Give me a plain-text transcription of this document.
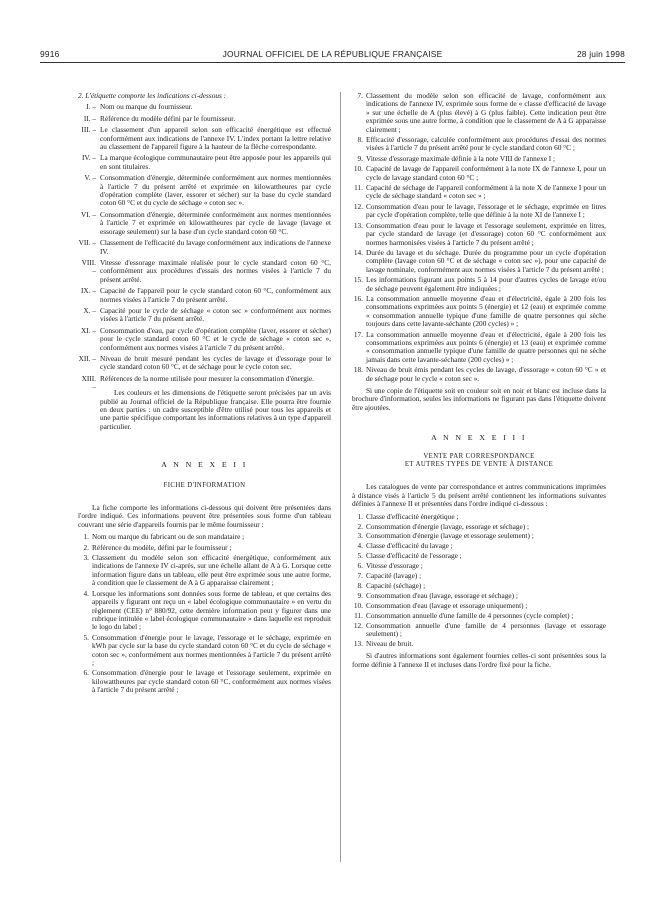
9916	JOURNAL OFFICIEL DE LA RÉPUBLIQUE FRANÇAISE	28 juin 1998

2. L'étiquette comporte les indications ci-dessous :

I. – Nom ou marque du fournisseur.
II. – Référence du modèle défini par le fournisseur.
III. – Le classement d'un appareil selon son efficacité énergétique est effectué conformément aux indications de l'annexe IV. L'index portant la lettre relative au classement de l'appareil figure à la hauteur de la flèche correspondante.
IV. – La marque écologique communautaire peut être apposée pour les appareils qui en sont titulaires.
V. – Consommation d'énergie, déterminée conformément aux normes mentionnées à l'article 7 du présent arrêté et exprimée en kilowattheures par cycle d'opération complète (laver, essorer et sécher) sur la base du cycle standard coton 60 °C et du cycle de séchage « coton sec ».
VI. – Consommation d'énergie, déterminée conformément aux normes mentionnées à l'article 7 et exprimée en kilowattheures par cycle de lavage (lavage et essorage seulement) sur la base d'un cycle standard coton 60 °C.
VII. – Classement de l'efficacité du lavage conformément aux indications de l'annexe IV.
VIII. –
Vitesse d'essorage maximale réalisée pour le cycle standard coton 60 °C, conformément aux procédures d'essais des normes visées à l'article 7 du présent arrêté.
IX. – Capacité de l'appareil pour le cycle standard coton 60 °C, conformément aux normes visées à l'article 7 du présent arrêté.
X. – Capacité pour le cycle de séchage « coton sec » conformément aux normes visées à l'article 7 du présent arrêté.
XI. – Consommation d'eau, par cycle d'opération complète (laver, essorer et sécher) pour le cycle standard coton 60 °C et le cycle de séchage « coton sec », conformément aux normes visées à l'article 7 du présent arrêté.
XII. – Niveau de bruit mesuré pendant les cycles de lavage et d'essorage pour le cycle standard coton 60 °C, et de séchage pour le cycle coton sec.
XIII. –
Références de la norme utilisée pour mesurer la consommation d'énergie.

Les couleurs et les dimensions de l'étiquette seront précisées par un avis publié au Journal officiel de la République française. Elle pourra être fournie en deux parties : un cadre susceptible d'être utilisé pour tous les appareils et une partie spécifique comportant les informations relatives à un type d'appareil particulier.

A N N E X E I I

FICHE D'INFORMATION

La fiche comporte les informations ci-dessous qui doivent être présentées dans l'ordre indiqué. Ces informations peuvent être présentées sous forme d'un tableau couvrant une série d'appareils fournis par le même fournisseur :

1. Nom ou marque du fabricant ou de son mandataire ;
2. Référence du modèle, défini par le fournisseur ;
3. Classement du modèle selon son efficacité énergétique, conformément aux indications de l'annexe IV ci-après, sur une échelle allant de A à G. Lorsque cette information figure dans un tableau, elle peut être exprimée sous une autre forme, à condition que le classement de A à G apparaisse clairement ;
4. Lorsque les informations sont données sous forme de tableau, et que certains des appareils y figurant ont reçu un « label écologique communautaire » en vertu du règlement (CEE) n° 880/92, cette dernière information peut y figurer dans une rubrique intitulée « label écologique communautaire » dans laquelle est reproduit le logo du label ;
5. Consommation d'énergie pour le lavage, l'essorage et le séchage, exprimée en kWh par cycle sur la base du cycle standard coton 60 °C et du cycle de séchage « coton sec », conformément aux normes mentionnées à l'article 7 du présent arrêté ;
6. Consommation d'énergie pour le lavage et l'essorage seulement, exprimée en kilowattheures par cycle standard coton 60 °C, conformément aux normes visées à l'article 7 du présent arrêté ;
7. Classement du modèle selon son efficacité de lavage, conformément aux indications de l'annexe IV, exprimée sous forme de « classe d'efficacité de lavage » sur une échelle de A (plus élevé) à G (plus faible). Cette indication peut être exprimée sous une autre forme, à condition que le classement de A à G apparaisse clairement ;
8. Efficacité d'essorage, calculée conformément aux procédures d'essai des normes visées à l'article 7 du présent arrêté pour le cycle standard coton 60 °C ;
9. Vitesse d'essorage maximale définie à la note VIII de l'annexe I ;
10. Capacité de lavage de l'appareil conformément à la note IX de l'annexe I, pour un cycle de lavage standard coton 60 °C ;
11. Capacité de séchage de l'appareil conformément à la note X de l'annexe I pour un cycle de séchage standard « coton sec » ;
12. Consommation d'eau pour le lavage, l'essorage et le séchage, exprimée en litres par cycle d'opération complète, telle que définie à la note XI de l'annexe I ;
13. Consommation d'eau pour le lavage et l'essorage seulement, exprimée en litres, par cycle standard de lavage (et d'essorage) coton 60 °C conformément aux normes harmonisées visées à l'article 7 du présent arrêté ;
14. Durée du lavage et du séchage. Durée du programme pour un cycle d'opération complète (lavage coton 60 °C et de séchage « coton sec »), pour une capacité de lavage nominale, conformément aux normes visées à l'article 7 du présent arrêté ;
15. Les informations figurant aux points 5 à 14 pour d'autres cycles de lavage et/ou de séchage peuvent également être indiquées ;
16. La consommation annuelle moyenne d'eau et d'électricité, égale à 200 fois les consommations exprimées aux points 5 (énergie) et 12 (eau) et exprimée comme « consommation annuelle typique d'une famille de quatre personnes qui sèche toujours dans cette lavante-séchante (200 cycles) » ;
17. La consommation annuelle moyenne d'eau et d'électricité, égale à 200 fois les consommations exprimées aux points 6 (énergie) et 13 (eau) et exprimée comme « consommation annuelle typique d'une famille de quatre personnes qui ne sèche jamais dans cette lavante-séchante (200 cycles) » ;
18. Niveau de bruit émis pendant les cycles de lavage, d'essorage « coton 60 °C » et de séchage pour le cycle « coton sec ».

Si une copie de l'étiquette soit en couleur soit en noir et blanc est incluse dans la brochure d'information, seules les informations ne figurant pas dans l'étiquette doivent être ajoutées.

A N N E X E I I I

VENTE PAR CORRESPONDANCE

ET AUTRES TYPES DE VENTE À DISTANCE

Les catalogues de vente par correspondance et autres communications imprimées à distance visés à l'article 5 du présent arrêté contiennent les informations suivantes définies à l'annexe II et présentées dans l'ordre indiqué ci-dessous :

1. Classe d'efficacité énergétique ;
2. Consommation d'énergie (lavage, essorage et séchage) ;
3. Consommation d'énergie (lavage et essorage seulement) ;
4. Classe d'efficacité du lavage ;
5. Classe d'efficacité de l'essorage ;
6. Vitesse d'essorage ;
7. Capacité (lavage) ;
8. Capacité (séchage) ;
9. Consommation d'eau (lavage, essorage et séchage) ;
10. Consommation d'eau (lavage et essorage uniquement) ;
11. Consommation annuelle d'une famille de 4 personnes (cycle complet) ;
12. Consommation annuelle d'une famille de 4 personnes (lavage et essorage seulement) ;
13. Niveau de bruit.

Si d'autres informations sont également fournies celles-ci sont présentées sous la forme définie à l'annexe II et incluses dans l'ordre fixé pour la fiche.
